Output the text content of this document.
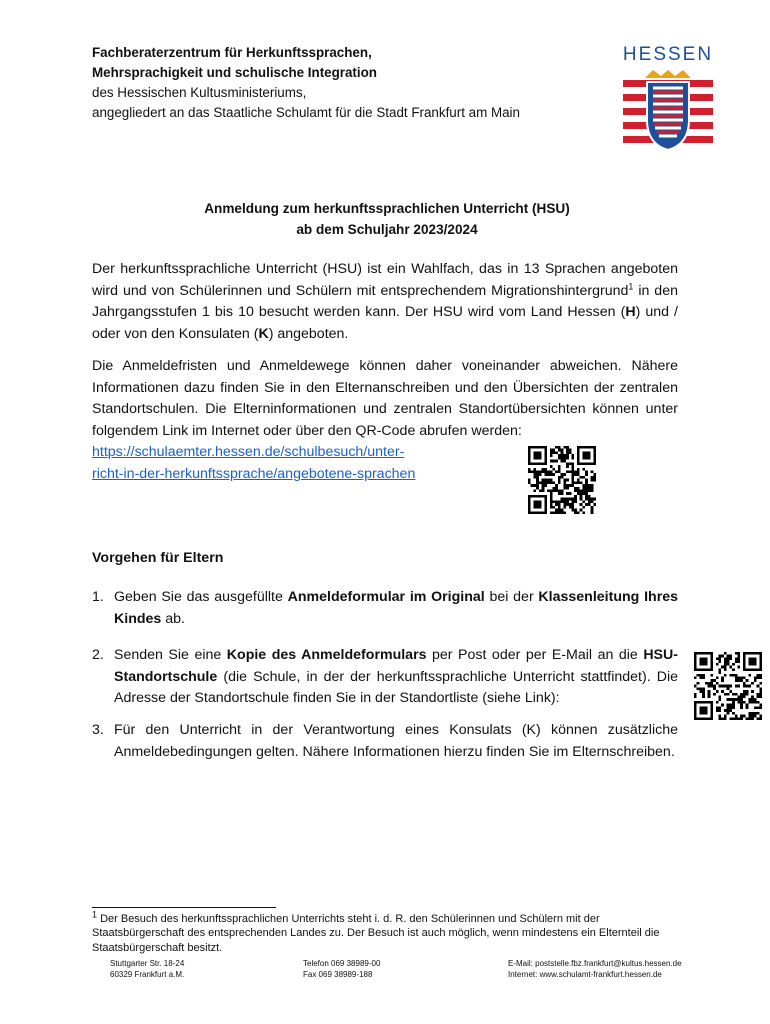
Fachberaterzentrum für Herkunftssprachen,
Mehrsprachigkeit und schulische Integration
des Hessischen Kultusministeriums,
angegliedert an das Staatliche Schulamt für die Stadt Frankfurt am Main
HESSEN
Anmeldung zum herkunftssprachlichen Unterricht (HSU)
ab dem Schuljahr 2023/2024
Der herkunftssprachliche Unterricht (HSU) ist ein Wahlfach, das in 13 Sprachen angeboten wird und von Schülerinnen und Schülern mit entsprechendem Migrationshintergrund$^1$ in den Jahrgangsstufen 1 bis 10 besucht werden kann. Der HSU wird vom Land Hessen (H) und / oder von den Konsulaten (K) angeboten.
Die Anmeldefristen und Anmeldewege können daher voneinander abweichen. Nähere Informationen dazu finden Sie in den Elternanschreiben und den Übersichten der zentralen Standortschulen. Die Elterninformationen und zentralen Standortübersichten können unter folgendem Link im Internet oder über den QR-Code abrufen werden:
https://schulaemter.hessen.de/schulbesuch/unter-
richt-in-der-herkunftssprache/angebotene-sprachen
Vorgehen für Eltern
1. Geben Sie das ausgefüllte Anmeldeformular im Original bei der Klassenleitung Ihres Kindes ab.
2. Senden Sie eine Kopie des Anmeldeformulars per Post oder per E-Mail an die HSU-Standortschule (die Schule, in der der herkunftssprachliche Unterricht stattfindet). Die Adresse der Standortschule finden Sie in der Standortliste (siehe Link):
3. Für den Unterricht in der Verantwortung eines Konsulats (K) können zusätzliche Anmeldebedingungen gelten. Nähere Informationen hierzu finden Sie im Elternschreiben.
$^1$ Der Besuch des herkunftssprachlichen Unterrichts steht i. d. R. den Schülerinnen und Schülern mit der Staatsbürgerschaft des entsprechenden Landes zu. Der Besuch ist auch möglich, wenn mindestens ein Elternteil die Staatsbürgerschaft besitzt.
Stuttgarter Str. 18-24
60329 Frankfurt a.M.
Telefon 069 38989-00
Fax 069 38989-188
E-Mail: poststelle.fbz.frankfurt@kultus.hessen.de
Internet: www.schulamt-frankfurt.hessen.de
